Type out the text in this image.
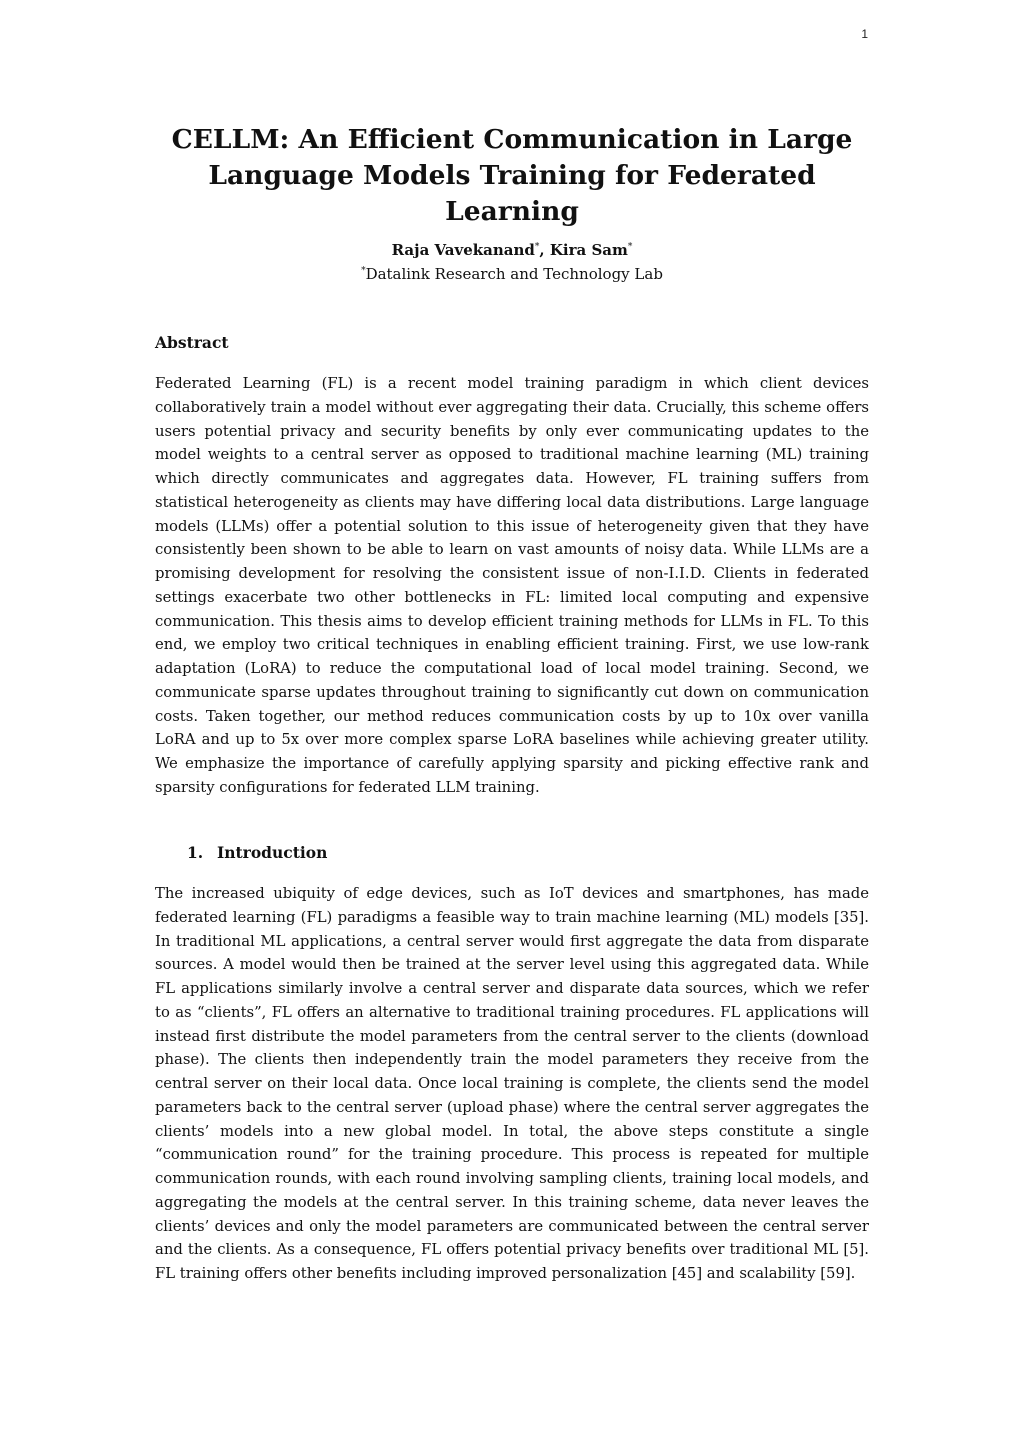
1
CELLM: An Efficient Communication in Large Language Models Training for Federated Learning
Raja Vavekanand*, Kira Sam*
*Datalink Research and Technology Lab
Abstract

Federated Learning (FL) is a recent model training paradigm in which client devices collaboratively train a model without ever aggregating their data. Crucially, this scheme offers users potential privacy and security benefits by only ever communicating updates to the model weights to a central server as opposed to traditional machine learning (ML) training which directly communicates and aggregates data. However, FL training suffers from statistical heterogeneity as clients may have differing local data distributions. Large language models (LLMs) offer a potential solution to this issue of heterogeneity given that they have consistently been shown to be able to learn on vast amounts of noisy data. While LLMs are a promising development for resolving the consistent issue of non-I.I.D. Clients in federated settings exacerbate two other bottlenecks in FL: limited local computing and expensive communication. This thesis aims to develop efficient training methods for LLMs in FL. To this end, we employ two critical techniques in enabling efficient training. First, we use low-rank adaptation (LoRA) to reduce the computational load of local model training. Second, we communicate sparse updates throughout training to significantly cut down on communication costs. Taken together, our method reduces communication costs by up to 10x over vanilla LoRA and up to 5x over more complex sparse LoRA baselines while achieving greater utility. We emphasize the importance of carefully applying sparsity and picking effective rank and sparsity configurations for federated LLM training.

1. Introduction

The increased ubiquity of edge devices, such as IoT devices and smartphones, has made federated learning (FL) paradigms a feasible way to train machine learning (ML) models [35]. In traditional ML applications, a central server would first aggregate the data from disparate sources. A model would then be trained at the server level using this aggregated data. While FL applications similarly involve a central server and disparate data sources, which we refer to as “clients”, FL offers an alternative to traditional training procedures. FL applications will instead first distribute the model parameters from the central server to the clients (download phase). The clients then independently train the model parameters they receive from the central server on their local data. Once local training is complete, the clients send the model parameters back to the central server (upload phase) where the central server aggregates the clients’ models into a new global model. In total, the above steps constitute a single “communication round” for the training procedure. This process is repeated for multiple communication rounds, with each round involving sampling clients, training local models, and aggregating the models at the central server. In this training scheme, data never leaves the clients’ devices and only the model parameters are communicated between the central server and the clients. As a consequence, FL offers potential privacy benefits over traditional ML [5]. FL training offers other benefits including improved personalization [45] and scalability [59].
